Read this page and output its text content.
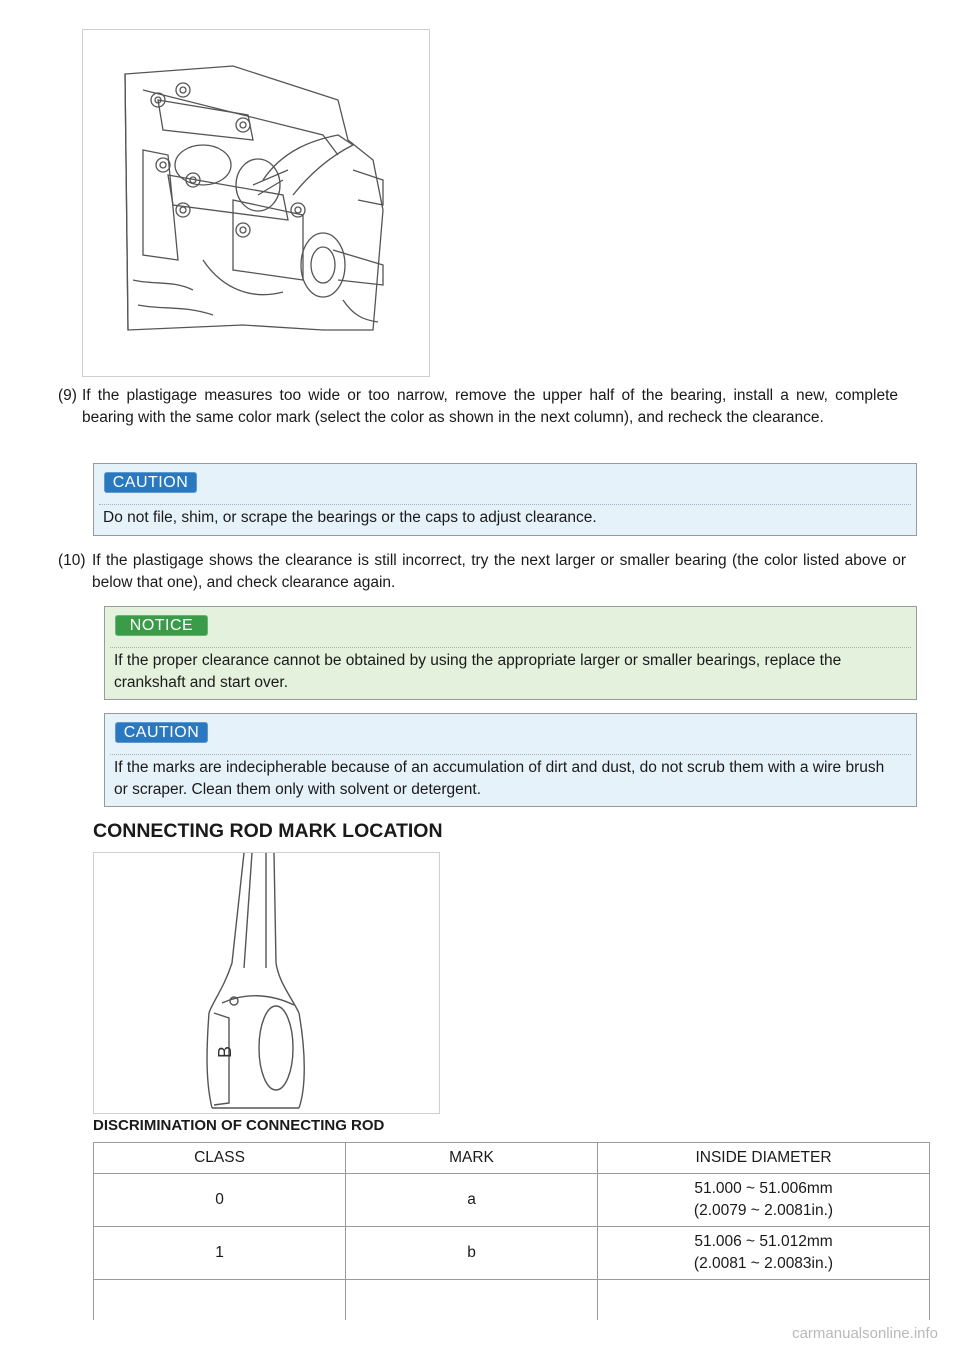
(9) If the plastigage measures too wide or too narrow, remove the upper half of the bearing, install a new, complete bearing with the same color mark (select the color as shown in the next column), and recheck the clearance.
CAUTION
Do not file, shim, or scrape the bearings or the caps to adjust clearance.
(10) If the plastigage shows the clearance is still incorrect, try the next larger or smaller bearing (the color listed above or below that one), and check clearance again.
NOTICE
If the proper clearance cannot be obtained by using the appropriate larger or smaller bearings, replace the crankshaft and start over.
CAUTION
If the marks are indecipherable because of an accumulation of dirt and dust, do not scrub them with a wire brush or scraper. Clean them only with solvent or detergent.
CONNECTING ROD MARK LOCATION
B
DISCRIMINATION OF CONNECTING ROD
CLASS	MARK	INSIDE DIAMETER
0	a	51.000 ~ 51.006mm
(2.0079 ~ 2.0081in.)

1	b	51.006 ~ 51.012mm
(2.0081 ~ 2.0083in.)

carmanualsonline.info
